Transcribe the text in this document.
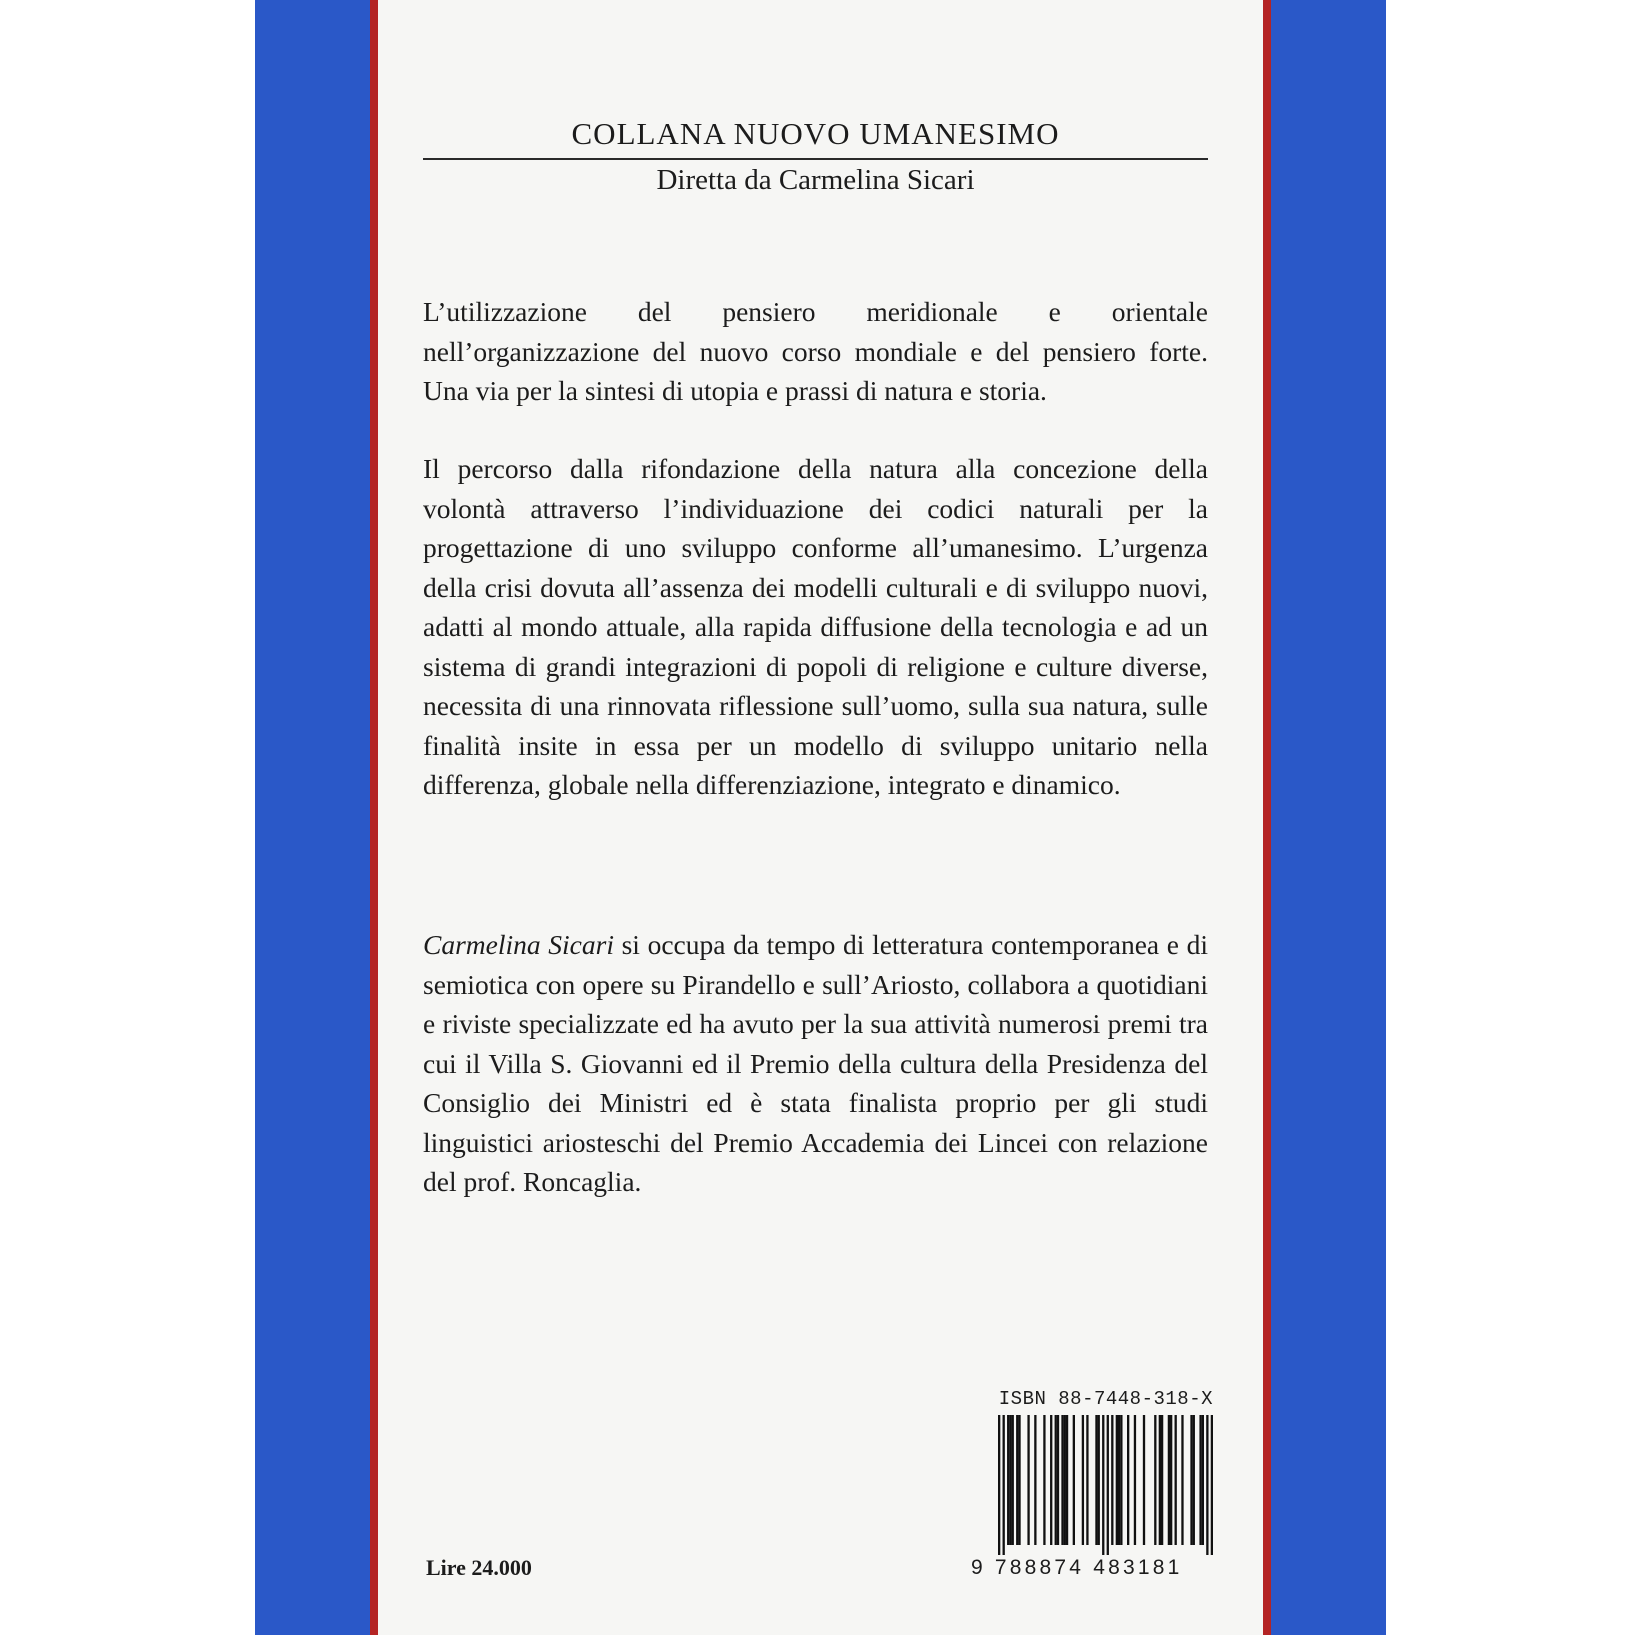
COLLANA NUOVO UMANESIMO
Diretta da Carmelina Sicari

L’utilizzazione del pensiero meridionale e orientale nell’organizzazione del nuovo corso mondiale e del pensiero forte. Una via per la sintesi di utopia e prassi di natura e storia.

Il percorso dalla rifondazione della natura alla concezione della volontà attraverso l’individuazione dei codici naturali per la progettazione di uno sviluppo conforme all’umanesimo. L’urgenza della crisi dovuta all’assenza dei modelli culturali e di sviluppo nuovi, adatti al mondo attuale, alla rapida diffusione della tecnologia e ad un sistema di grandi integrazioni di popoli di religione e culture diverse, necessita di una rinnovata riflessione sull’uomo, sulla sua natura, sulle finalità insite in essa per un modello di sviluppo unitario nella differenza, globale nella differenziazione, integrato e dinamico.

Carmelina Sicari si occupa da tempo di letteratura contemporanea e di semiotica con opere su Pirandello e sull’Ariosto, collabora a quotidiani e riviste specializzate ed ha avuto per la sua attività numerosi premi tra cui il Villa S. Giovanni ed il Premio della cultura della Presidenza del Consiglio dei Ministri ed è stata finalista proprio per gli studi linguistici ariosteschi del Premio Accademia dei Lincei con relazione del prof. Roncaglia.

Lire 24.000
ISBN 88-7448-318-X
9 788874 483181
